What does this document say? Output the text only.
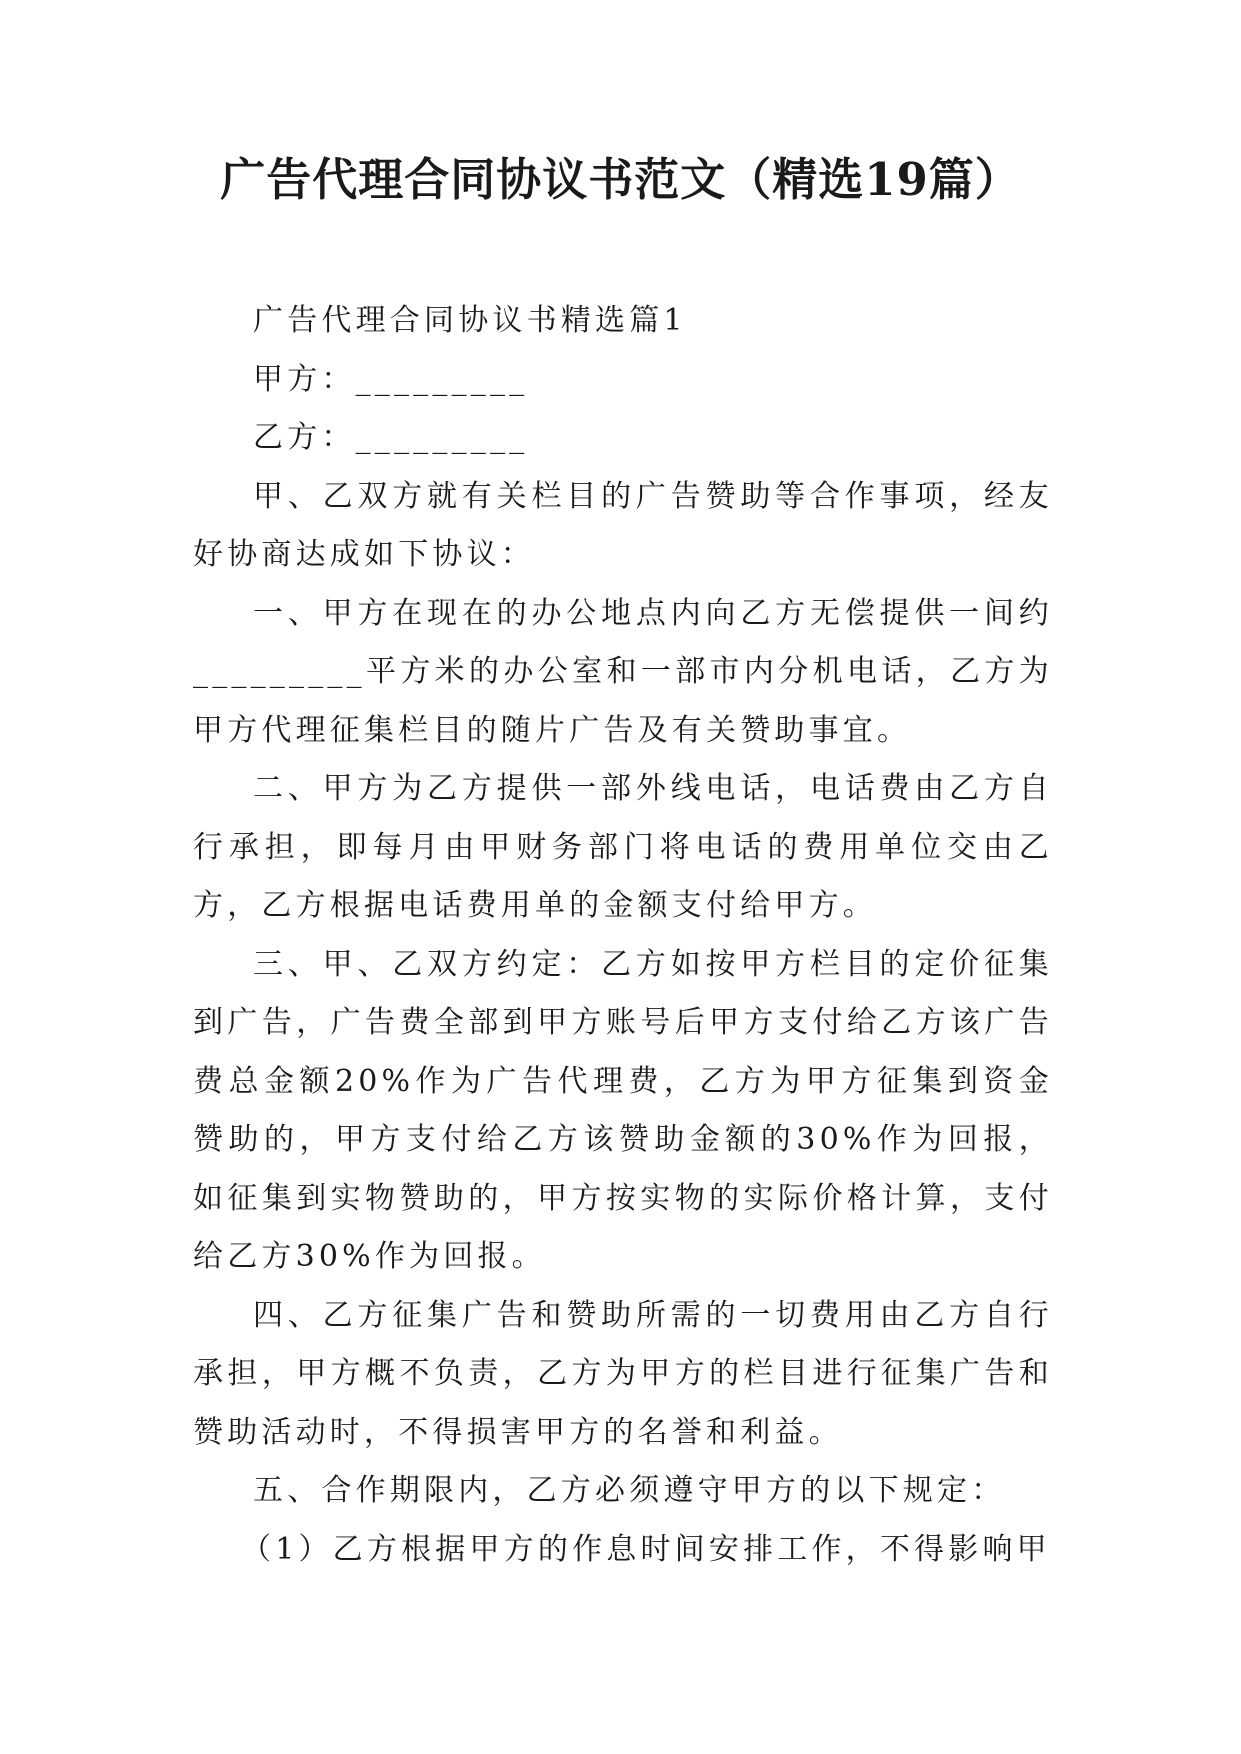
广告代理合同协议书范文（精选19篇）

广告代理合同协议书精选篇1

甲方：_________

乙方：_________

甲、乙双方就有关栏目的广告赞助等合作事项，经友好协商达成如下协议：

一、甲方在现在的办公地点内向乙方无偿提供一间约_________平方米的办公室和一部市内分机电话，乙方为甲方代理征集栏目的随片广告及有关赞助事宜。

二、甲方为乙方提供一部外线电话，电话费由乙方自行承担，即每月由甲财务部门将电话的费用单位交由乙方，乙方根据电话费用单的金额支付给甲方。

三、甲、乙双方约定：乙方如按甲方栏目的定价征集到广告，广告费全部到甲方账号后甲方支付给乙方该广告费总金额20%作为广告代理费，乙方为甲方征集到资金赞助的，甲方支付给乙方该赞助金额的30%作为回报，如征集到实物赞助的，甲方按实物的实际价格计算，支付给乙方30%作为回报。

四、乙方征集广告和赞助所需的一切费用由乙方自行承担，甲方概不负责，乙方为甲方的栏目进行征集广告和赞助活动时，不得损害甲方的名誉和利益。

五、合作期限内，乙方必须遵守甲方的以下规定：

（1）乙方根据甲方的作息时间安排工作，不得影响甲
